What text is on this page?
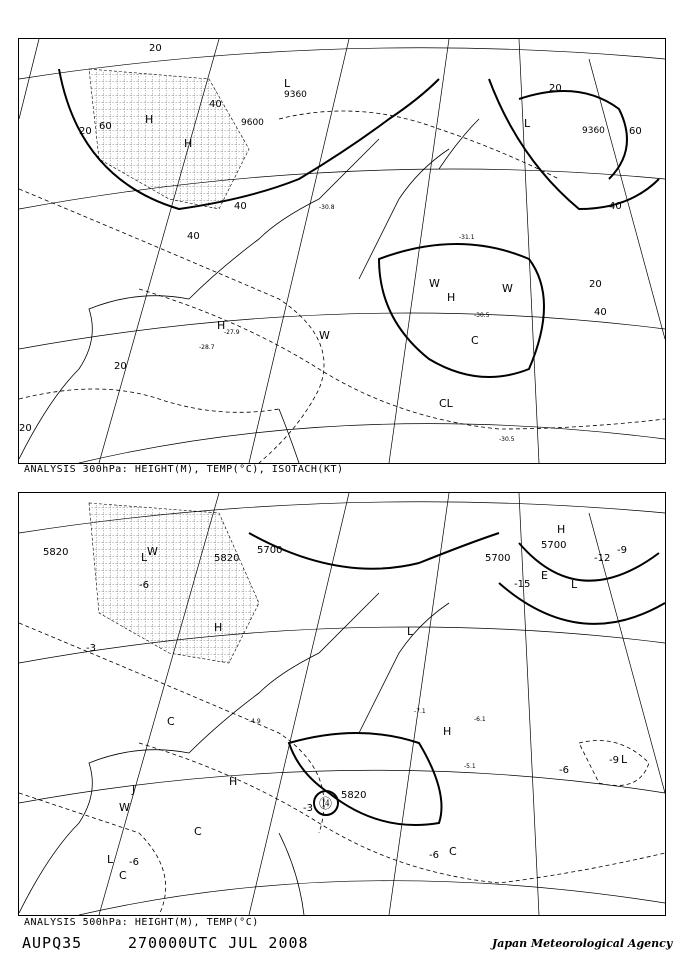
9360
9600
9360
20
40
60
20
40
40
20
40
20
20
60
20
40
H
H
H
W	W
C
CL
L
H
L
W
-30.5
-30.5
-30.8
-31.1
-27.9
-28.7
ANALYSIS 300hPa: HEIGHT(M), TEMP(°C), ISOTACH(KT)
5820
5820
5700
5700
5700
5820
-3
-6
-6
-9
-15
-12
-9
-6
-3
-6
H
L
W
H
C
C
W
J
H
C
L
C
H
L
E
L
L
⑭
-5.1
-6.1
-7.1
-4.9
ANALYSIS 500hPa: HEIGHT(M), TEMP(°C)
AUPQ35	270000UTC JUL 2008	Japan Meteorological Agency
